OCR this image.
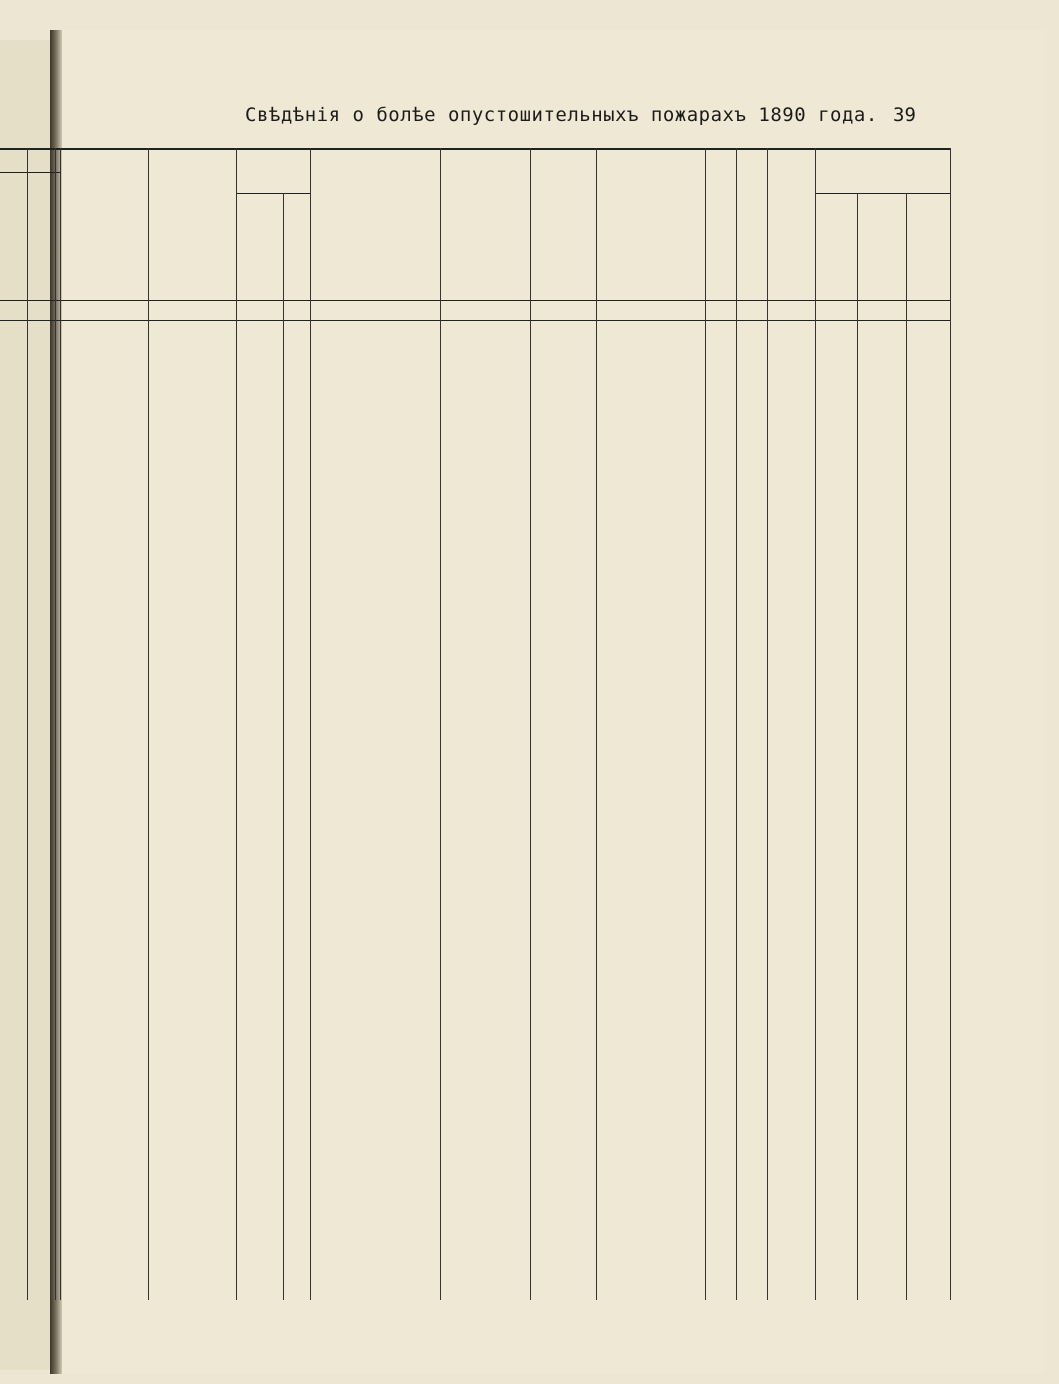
Свѣдѣнія о болѣе опустошительныхъ пожарахъ 1890 года. 39
